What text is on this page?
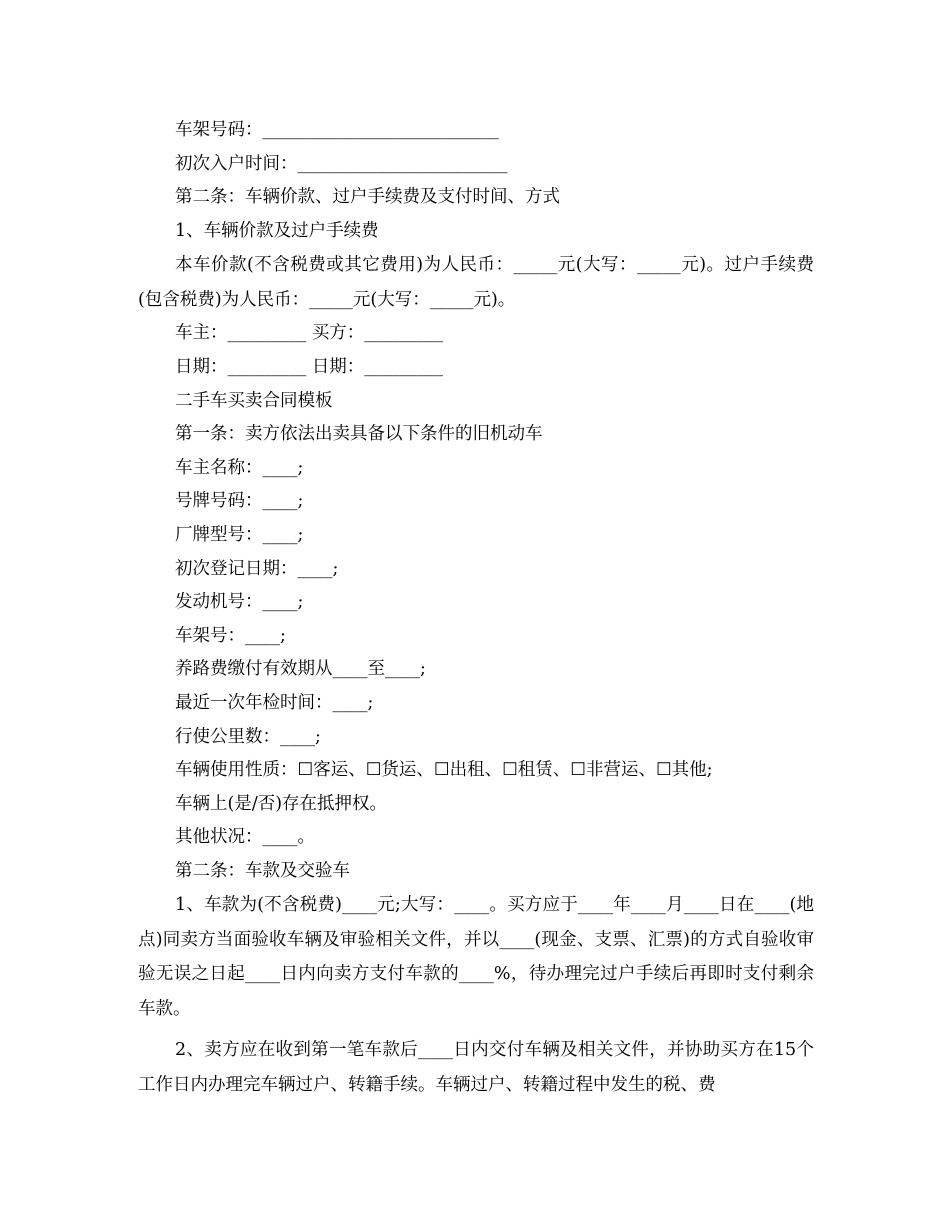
车架号码：___________________________
初次入户时间：________________________
第二条：车辆价款、过户手续费及支付时间、方式
1、车辆价款及过户手续费
本车价款(不含税费或其它费用)为人民币：_____元(大写：_____元)。过户手续费(包含税费)为人民币：_____元(大写：_____元)。
车主：_________ 买方：_________
日期：_________ 日期：_________
二手车买卖合同模板
第一条：卖方依法出卖具备以下条件的旧机动车
车主名称：____;
号牌号码：____;
厂牌型号：____;
初次登记日期：____;
发动机号：____;
车架号：____;
养路费缴付有效期从____至____;
最近一次年检时间：____;
行使公里数：____;
车辆使用性质：☐客运、☐货运、☐出租、☐租赁、☐非营运、☐其他;
车辆上(是/否)存在抵押权。
其他状况：____。
第二条：车款及交验车
1、车款为(不含税费)____元;大写：____。买方应于____年____月____日在____(地点)同卖方当面验收车辆及审验相关文件，并以____(现金、支票、汇票)的方式自验收审验无误之日起____日内向卖方支付车款的____%，待办理完过户手续后再即时支付剩余车款。
2、卖方应在收到第一笔车款后____日内交付车辆及相关文件，并协助买方在15个工作日内办理完车辆过户、转籍手续。车辆过户、转籍过程中发生的税、费
